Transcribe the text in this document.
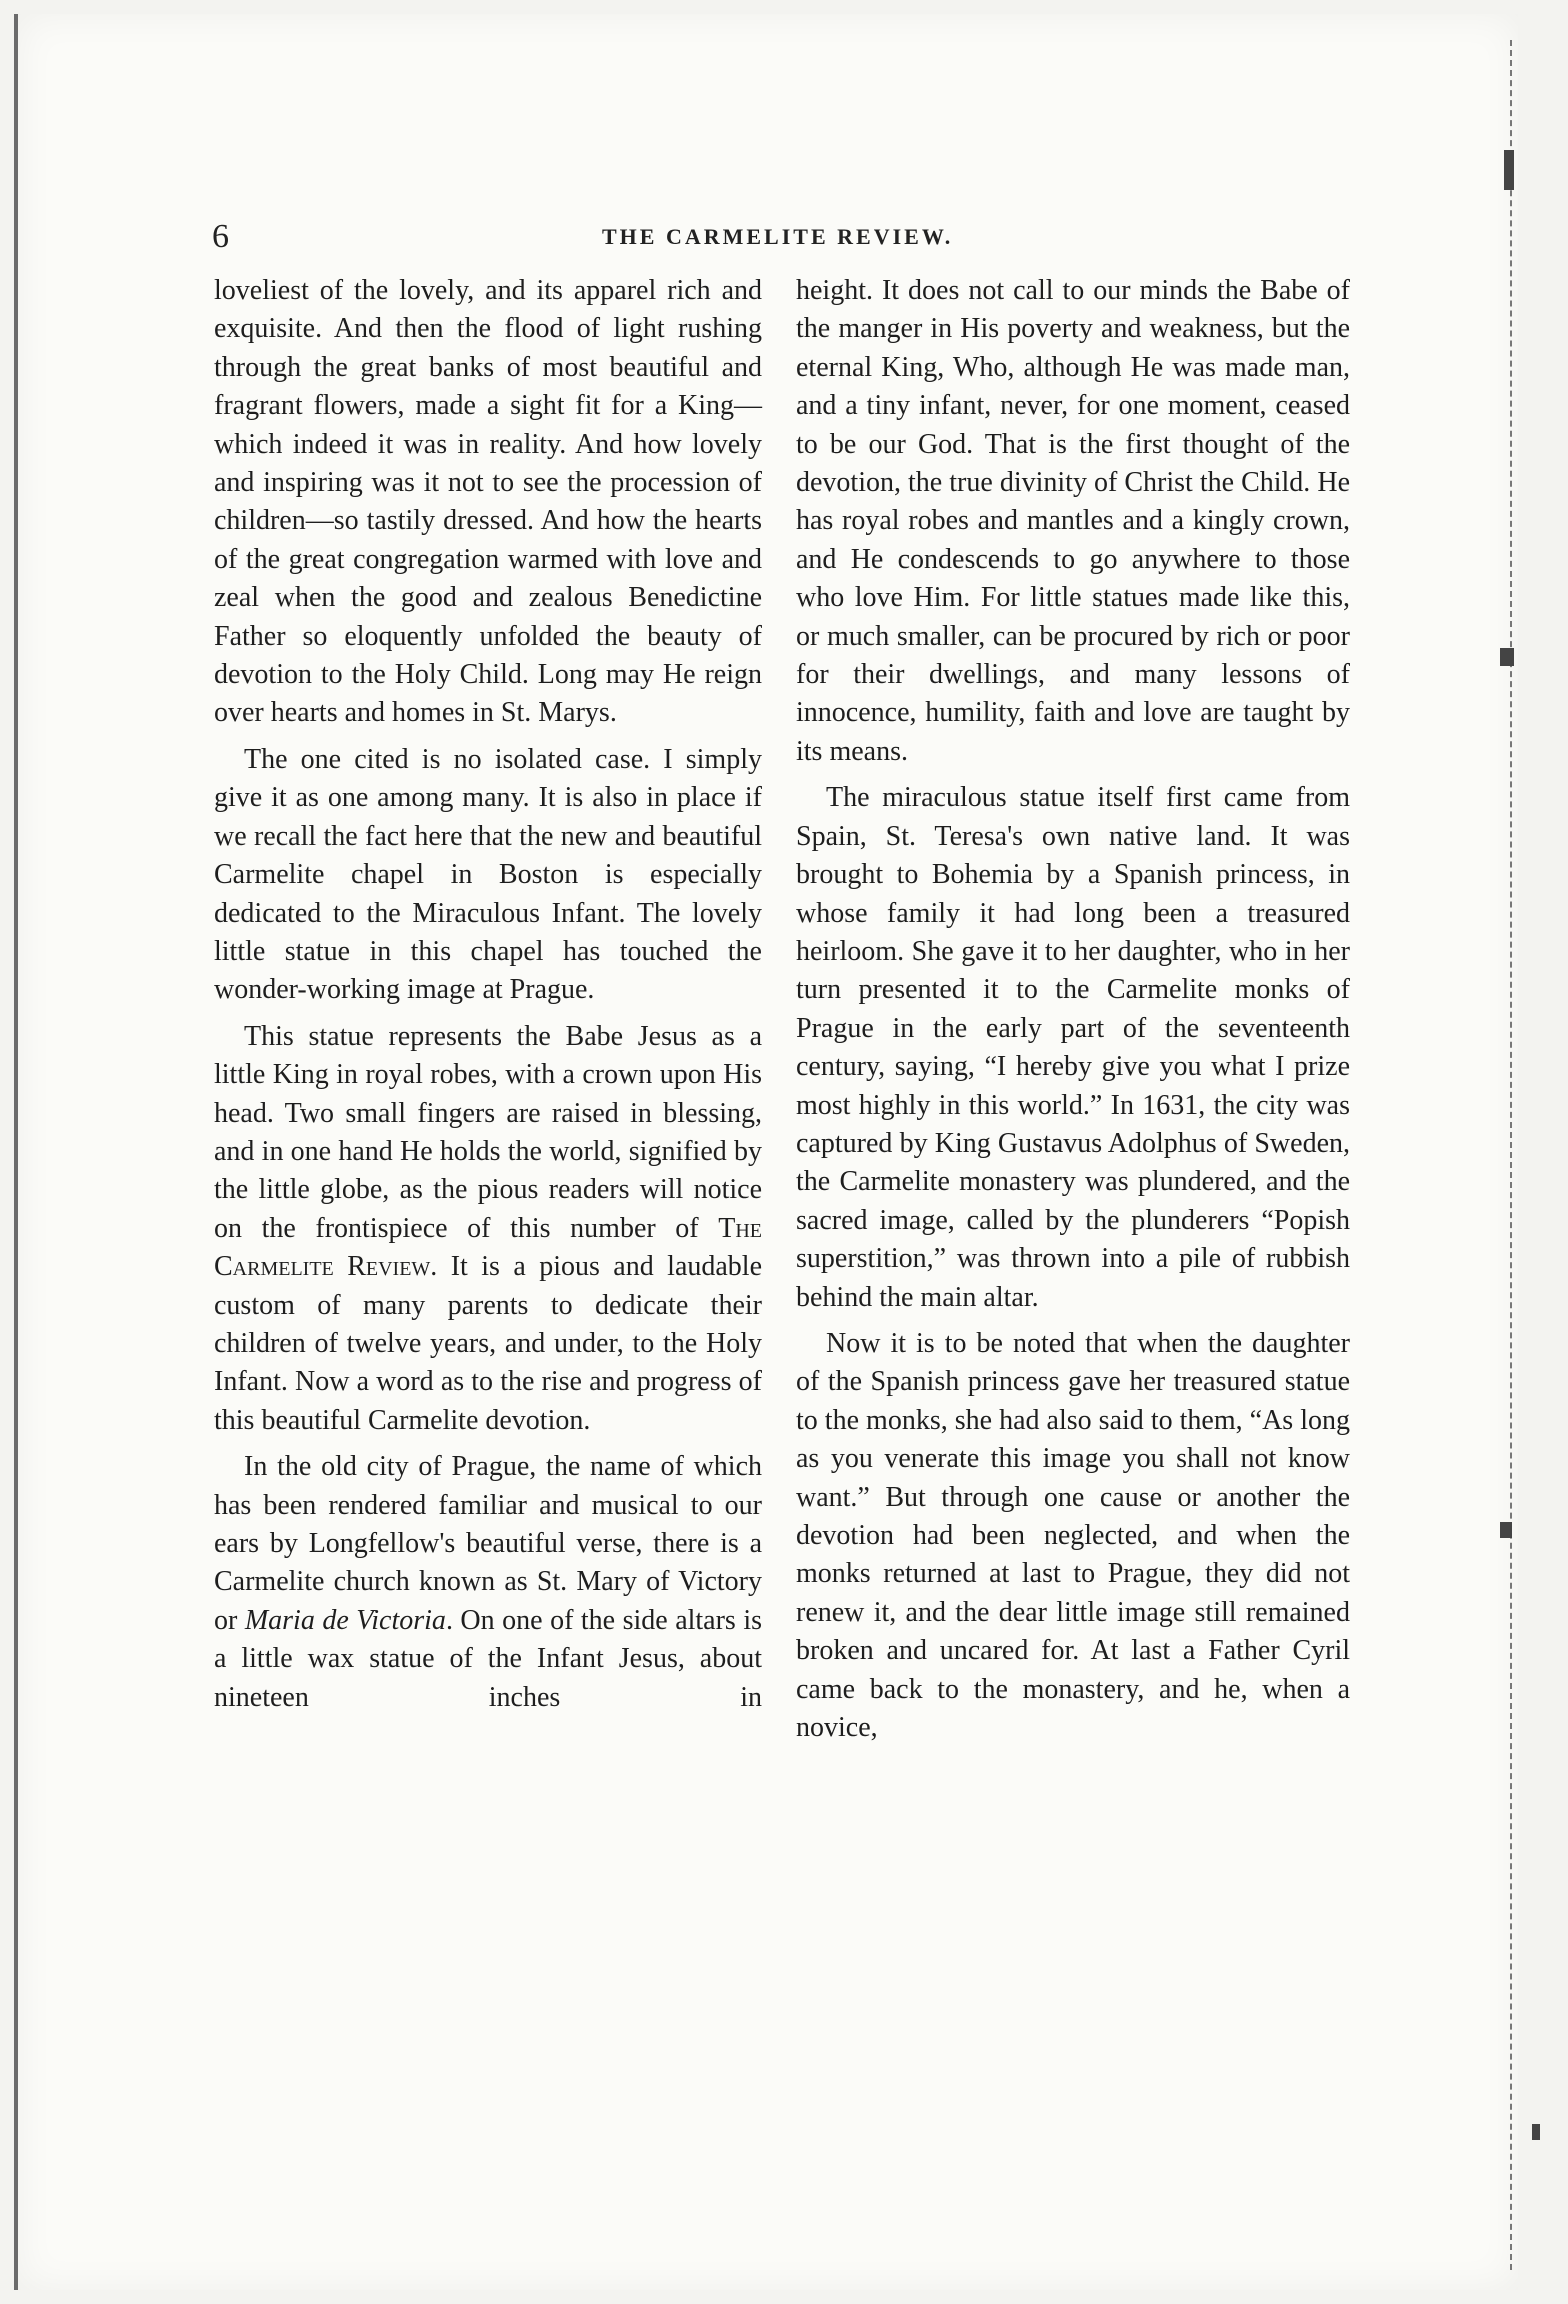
6	THE CARMELITE REVIEW.

loveliest of the lovely, and its apparel rich and exquisite. And then the flood of light rushing through the great banks of most beautiful and fragrant flowers, made a sight fit for a King—which indeed it was in reality. And how lovely and inspiring was it not to see the procession of children—so tastily dressed. And how the hearts of the great congregation warmed with love and zeal when the good and zealous Benedictine Father so eloquently unfolded the beauty of devotion to the Holy Child. Long may He reign over hearts and homes in St. Marys.

The one cited is no isolated case. I simply give it as one among many. It is also in place if we recall the fact here that the new and beautiful Carmelite chapel in Boston is especially dedicated to the Miraculous Infant. The lovely little statue in this chapel has touched the wonder-working image at Prague.

This statue represents the Babe Jesus as a little King in royal robes, with a crown upon His head. Two small fingers are raised in blessing, and in one hand He holds the world, signified by the little globe, as the pious readers will notice on the frontispiece of this number of The Carmelite Review. It is a pious and laudable custom of many parents to dedicate their children of twelve years, and under, to the Holy Infant. Now a word as to the rise and progress of this beautiful Carmelite devotion.

In the old city of Prague, the name of which has been rendered familiar and musical to our ears by Longfellow's beautiful verse, there is a Carmelite church known as St. Mary of Victory or Maria de Victoria. On one of the side altars is a little wax statue of the Infant Jesus, about nineteen inches in

height. It does not call to our minds the Babe of the manger in His poverty and weakness, but the eternal King, Who, although He was made man, and a tiny infant, never, for one moment, ceased to be our God. That is the first thought of the devotion, the true divinity of Christ the Child. He has royal robes and mantles and a kingly crown, and He condescends to go anywhere to those who love Him. For little statues made like this, or much smaller, can be procured by rich or poor for their dwellings, and many lessons of innocence, humility, faith and love are taught by its means.

The miraculous statue itself first came from Spain, St. Teresa's own native land. It was brought to Bohemia by a Spanish princess, in whose family it had long been a treasured heirloom. She gave it to her daughter, who in her turn presented it to the Carmelite monks of Prague in the early part of the seventeenth century, saying, “I hereby give you what I prize most highly in this world.” In 1631, the city was captured by King Gustavus Adolphus of Sweden, the Carmelite monastery was plundered, and the sacred image, called by the plunderers “Popish superstition,” was thrown into a pile of rubbish behind the main altar.

Now it is to be noted that when the daughter of the Spanish princess gave her treasured statue to the monks, she had also said to them, “As long as you venerate this image you shall not know want.” But through one cause or another the devotion had been neglected, and when the monks returned at last to Prague, they did not renew it, and the dear little image still remained broken and uncared for. At last a Father Cyril came back to the monastery, and he, when a novice,
